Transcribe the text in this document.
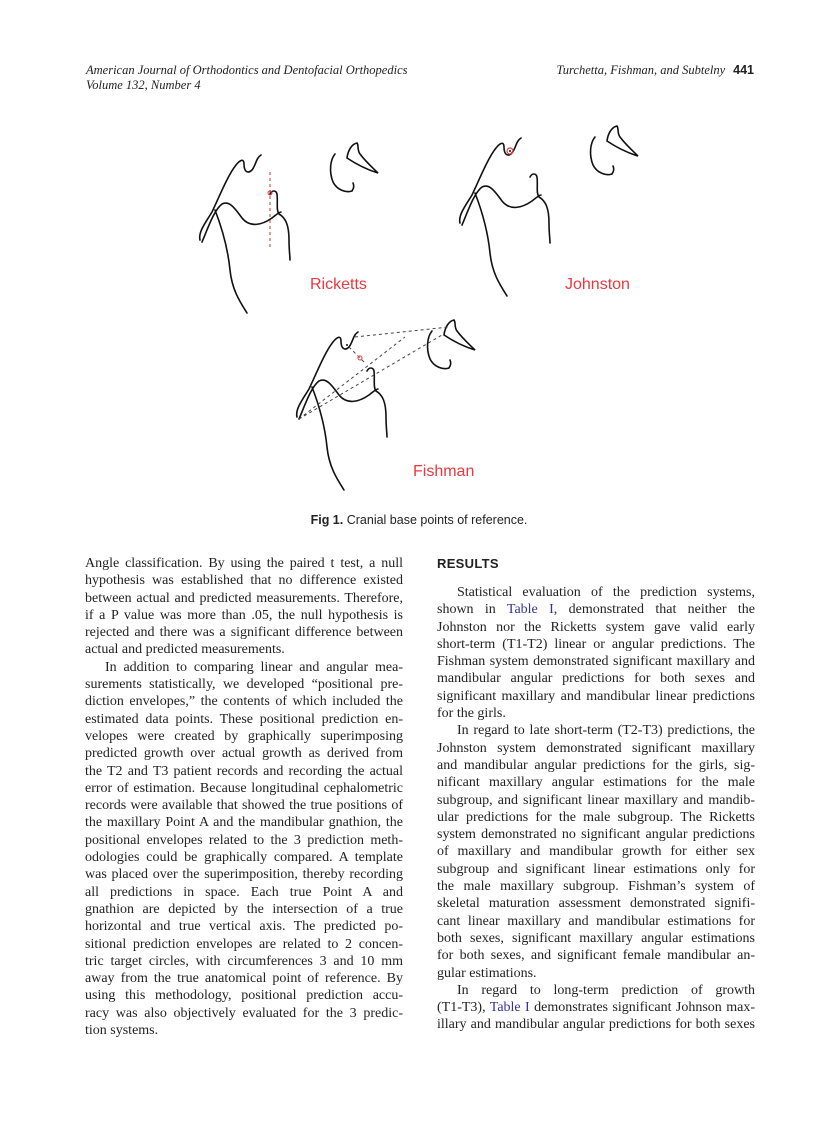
American Journal of Orthodontics and Dentofacial Orthopedics
Volume 132, Number 4
Turchetta, Fishman, and Subtelny 441
Ricketts	Johnston
Fishman
Fig 1. Cranial base points of reference.
Angle classification. By using the paired t test, a null
hypothesis was established that no difference existed
between actual and predicted measurements. Therefore,
if a P value was more than .05, the null hypothesis is
rejected and there was a significant difference between
actual and predicted measurements.
In addition to comparing linear and angular mea-
surements statistically, we developed “positional pre-
diction envelopes,” the contents of which included the
estimated data points. These positional prediction en-
velopes were created by graphically superimposing
predicted growth over actual growth as derived from
the T2 and T3 patient records and recording the actual
error of estimation. Because longitudinal cephalometric
records were available that showed the true positions of
the maxillary Point A and the mandibular gnathion, the
positional envelopes related to the 3 prediction meth-
odologies could be graphically compared. A template
was placed over the superimposition, thereby recording
all predictions in space. Each true Point A and
gnathion are depicted by the intersection of a true
horizontal and true vertical axis. The predicted po-
sitional prediction envelopes are related to 2 concen-
tric target circles, with circumferences 3 and 10 mm
away from the true anatomical point of reference. By
using this methodology, positional prediction accu-
racy was also objectively evaluated for the 3 predic-
tion systems.
RESULTS
Statistical evaluation of the prediction systems,
shown in Table I, demonstrated that neither the
Johnston nor the Ricketts system gave valid early
short-term (T1-T2) linear or angular predictions. The
Fishman system demonstrated significant maxillary and
mandibular angular predictions for both sexes and
significant maxillary and mandibular linear predictions
for the girls.
In regard to late short-term (T2-T3) predictions, the
Johnston system demonstrated significant maxillary
and mandibular angular predictions for the girls, sig-
nificant maxillary angular estimations for the male
subgroup, and significant linear maxillary and mandib-
ular predictions for the male subgroup. The Ricketts
system demonstrated no significant angular predictions
of maxillary and mandibular growth for either sex
subgroup and significant linear estimations only for
the male maxillary subgroup. Fishman’s system of
skeletal maturation assessment demonstrated signifi-
cant linear maxillary and mandibular estimations for
both sexes, significant maxillary angular estimations
for both sexes, and significant female mandibular an-
gular estimations.
In regard to long-term prediction of growth
(T1-T3), Table I demonstrates significant Johnson max-
illary and mandibular angular predictions for both sexes
